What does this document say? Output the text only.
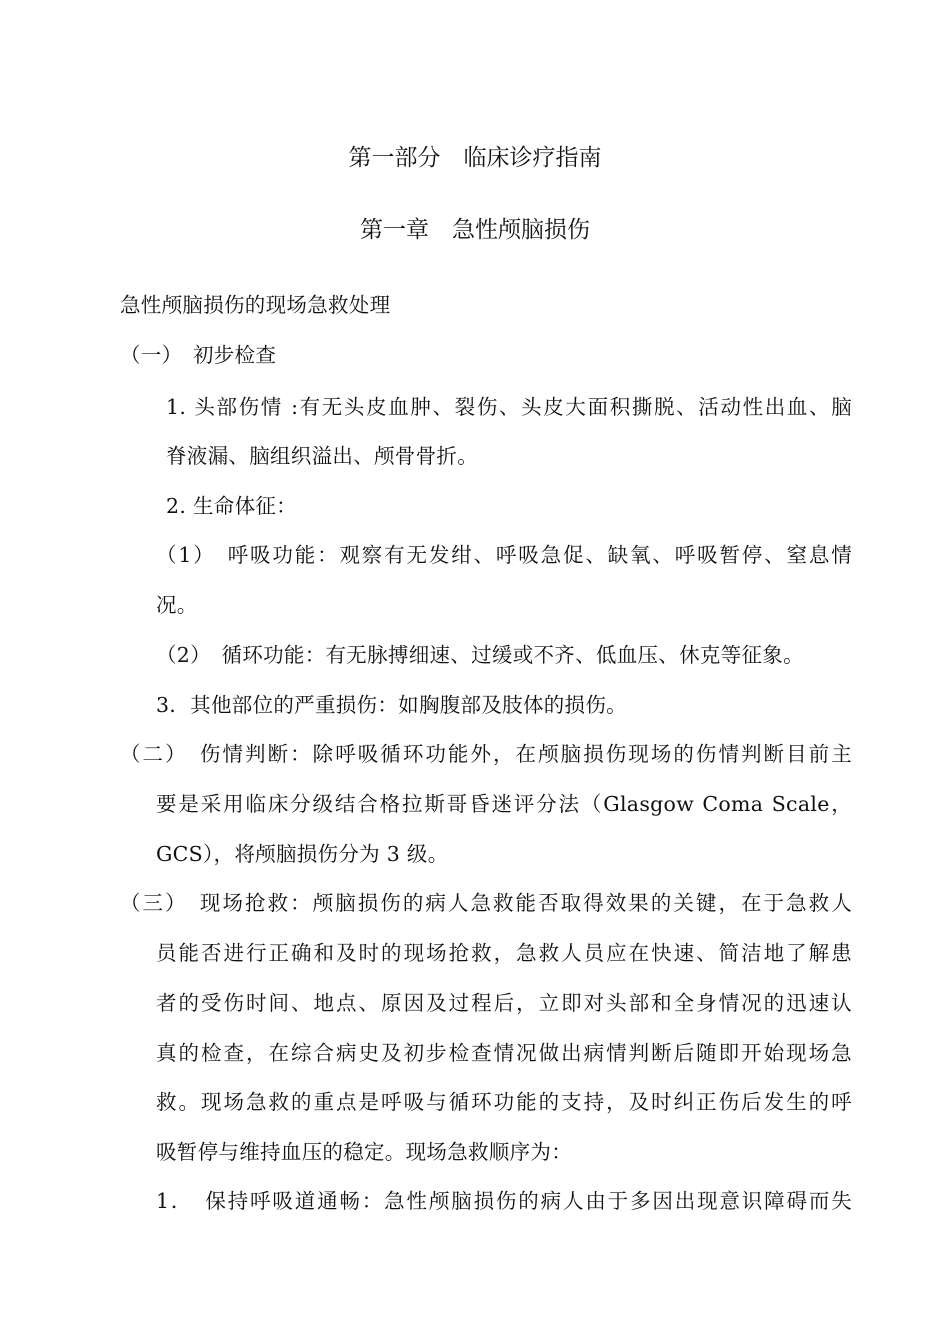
第一部分　临床诊疗指南
第一章　急性颅脑损伤
急性颅脑损伤的现场急救处理
（一）　初步检查
1. 头部伤情 :有无头皮血肿、裂伤、头皮大面积撕脱、活动性出血、脑
脊液漏、脑组织溢出、颅骨骨折。
2. 生命体征：
（1）　呼吸功能：观察有无发绀、呼吸急促、缺氧、呼吸暂停、窒息情
况。
（2）　循环功能：有无脉搏细速、过缓或不齐、低血压、休克等征象。
3．其他部位的严重损伤：如胸腹部及肢体的损伤。
（二）　伤情判断：除呼吸循环功能外，在颅脑损伤现场的伤情判断目前主
要是采用临床分级结合格拉斯哥昏迷评分法（Glasgow Coma Scale，
GCS），将颅脑损伤分为 3 级。
（三）　现场抢救：颅脑损伤的病人急救能否取得效果的关键，在于急救人
员能否进行正确和及时的现场抢救，急救人员应在快速、简洁地了解患
者的受伤时间、地点、原因及过程后，立即对头部和全身情况的迅速认
真的检查，在综合病史及初步检查情况做出病情判断后随即开始现场急
救。现场急救的重点是呼吸与循环功能的支持，及时纠正伤后发生的呼
吸暂停与维持血压的稳定。现场急救顺序为：
1．　保持呼吸道通畅：急性颅脑损伤的病人由于多因出现意识障碍而失
